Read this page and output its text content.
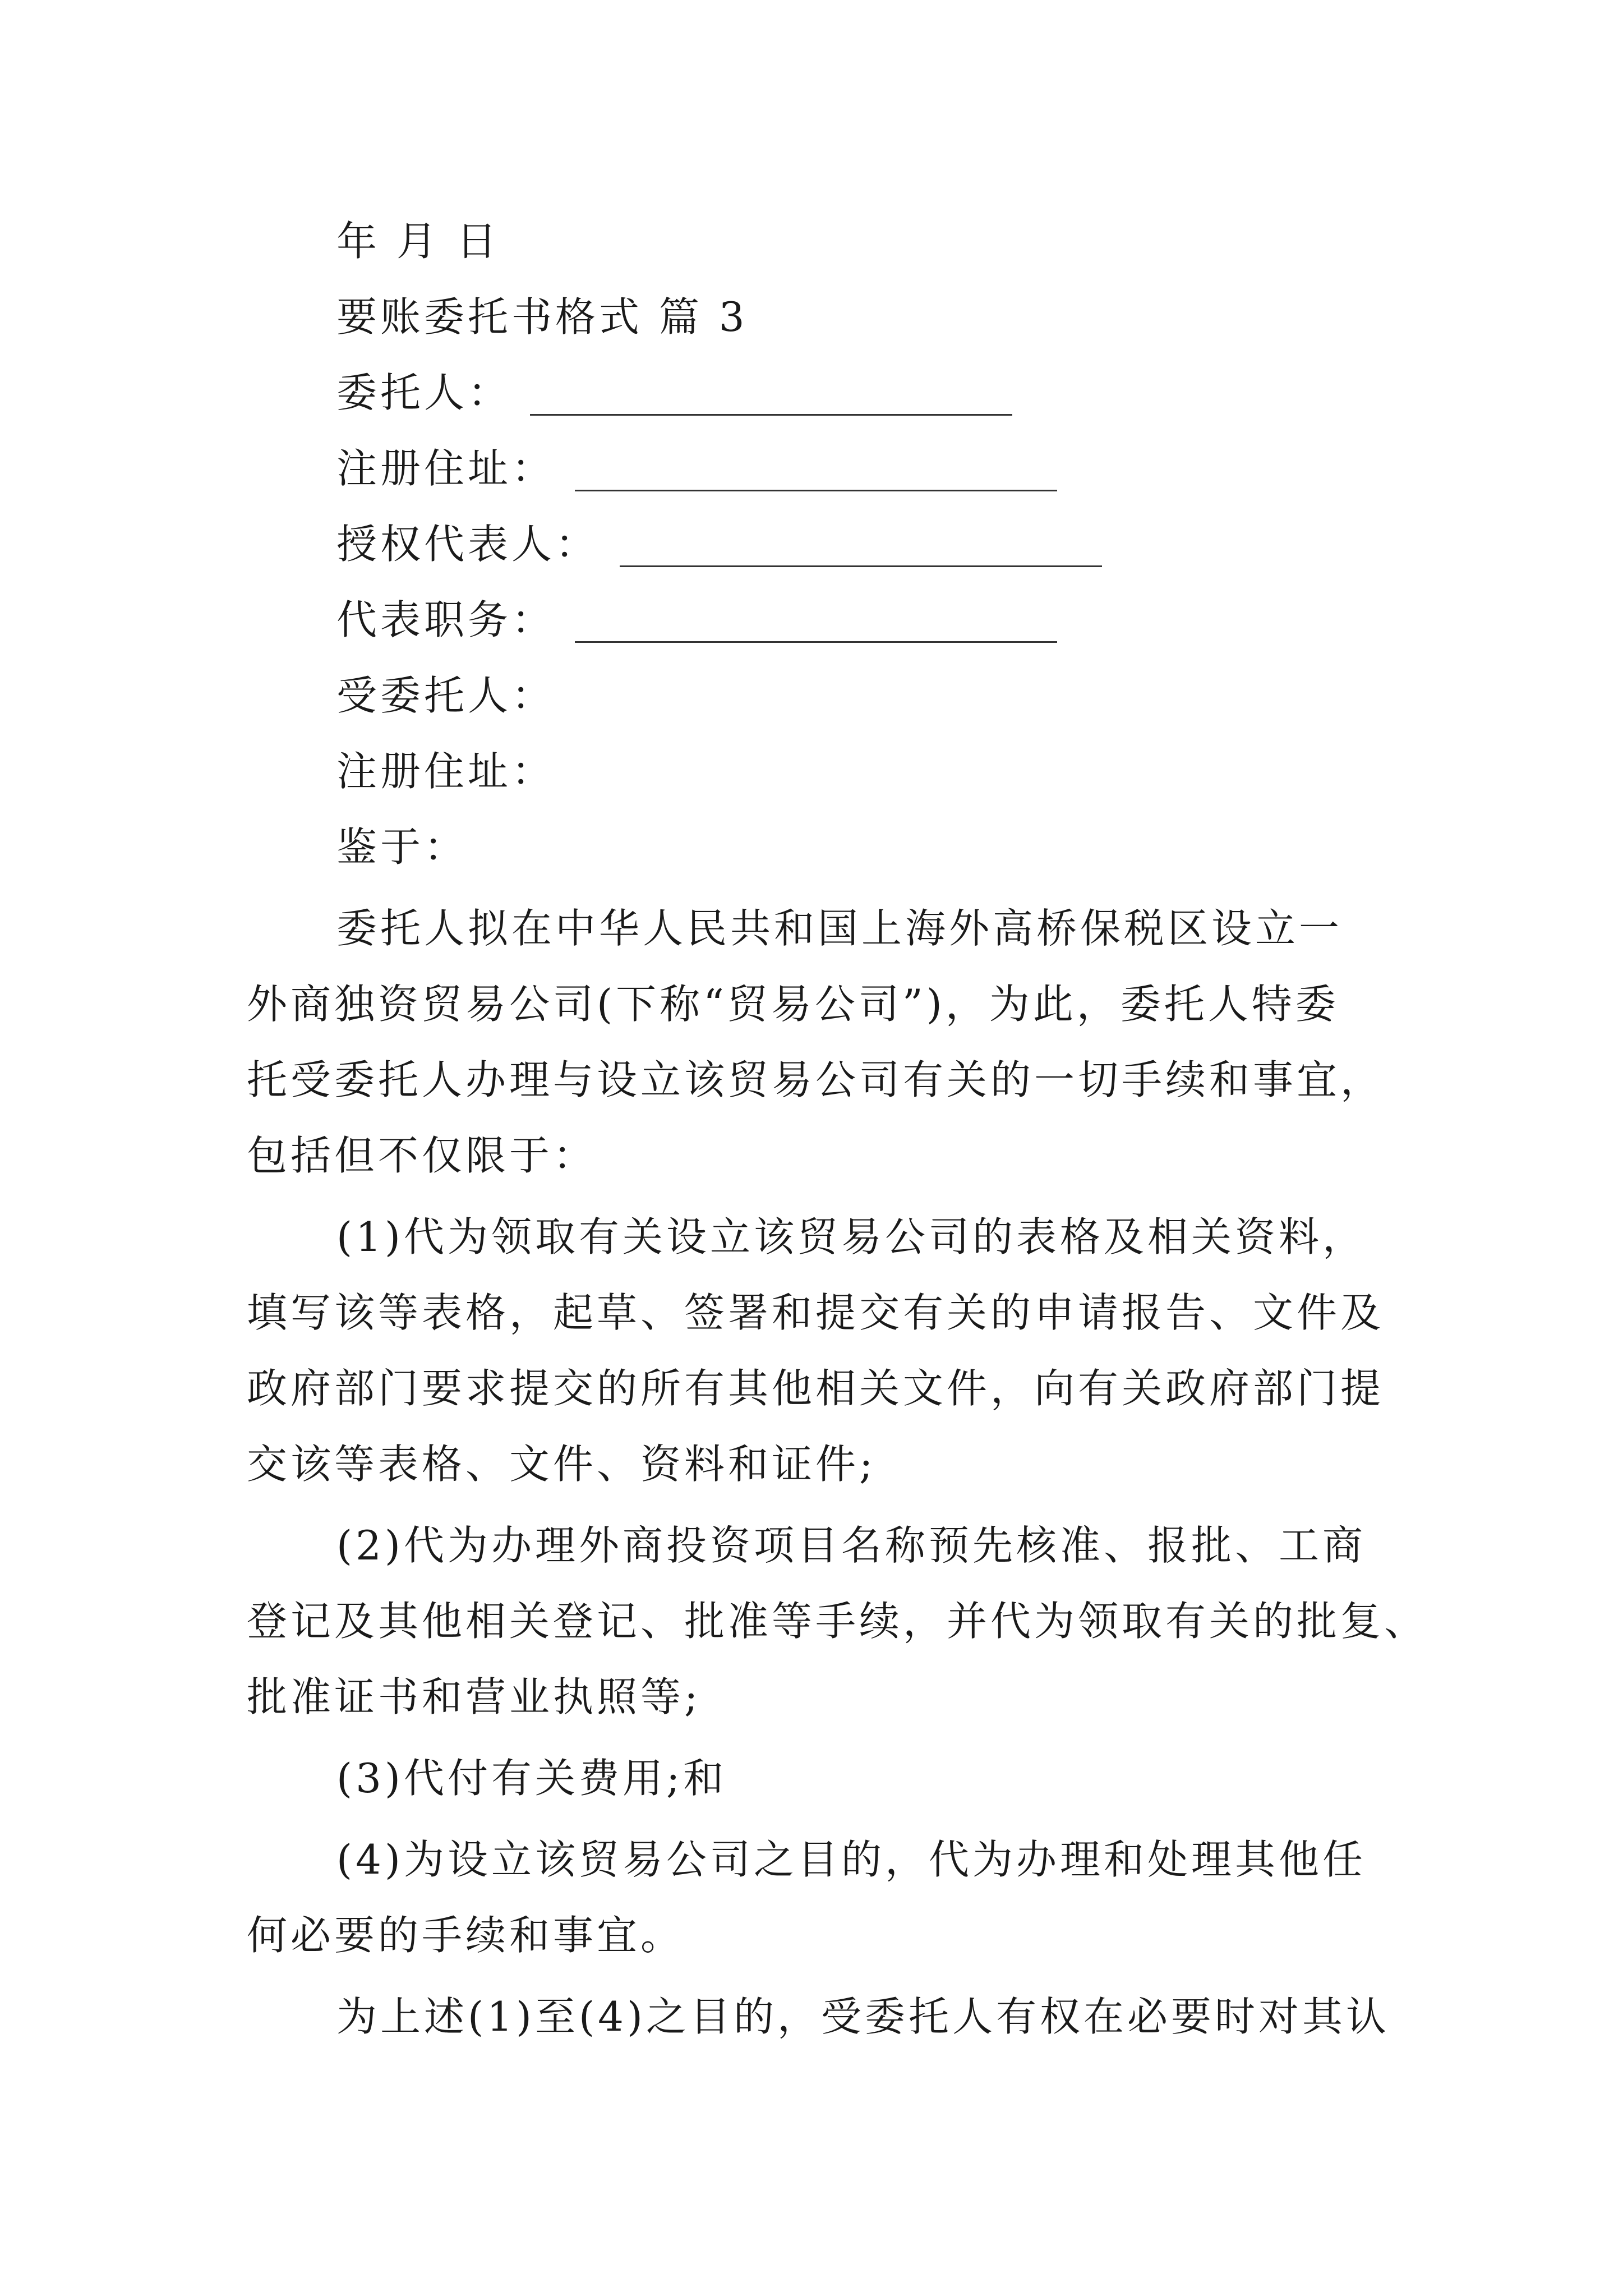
年 月 日
要账委托书格式 篇 3
委托人：
注册住址：
授权代表人：
代表职务：
受委托人：
注册住址：
鉴于：
委托人拟在中华人民共和国上海外高桥保税区设立一
外商独资贸易公司(下称“贸易公司”)，为此，委托人特委
托受委托人办理与设立该贸易公司有关的一切手续和事宜，
包括但不仅限于：
(1)代为领取有关设立该贸易公司的表格及相关资料，
填写该等表格，起草、签署和提交有关的申请报告、文件及
政府部门要求提交的所有其他相关文件，向有关政府部门提
交该等表格、文件、资料和证件;
(2)代为办理外商投资项目名称预先核准、报批、工商
登记及其他相关登记、批准等手续，并代为领取有关的批复、
批准证书和营业执照等;
(3)代付有关费用;和
(4)为设立该贸易公司之目的，代为办理和处理其他任
何必要的手续和事宜。
为上述(1)至(4)之目的，受委托人有权在必要时对其认
